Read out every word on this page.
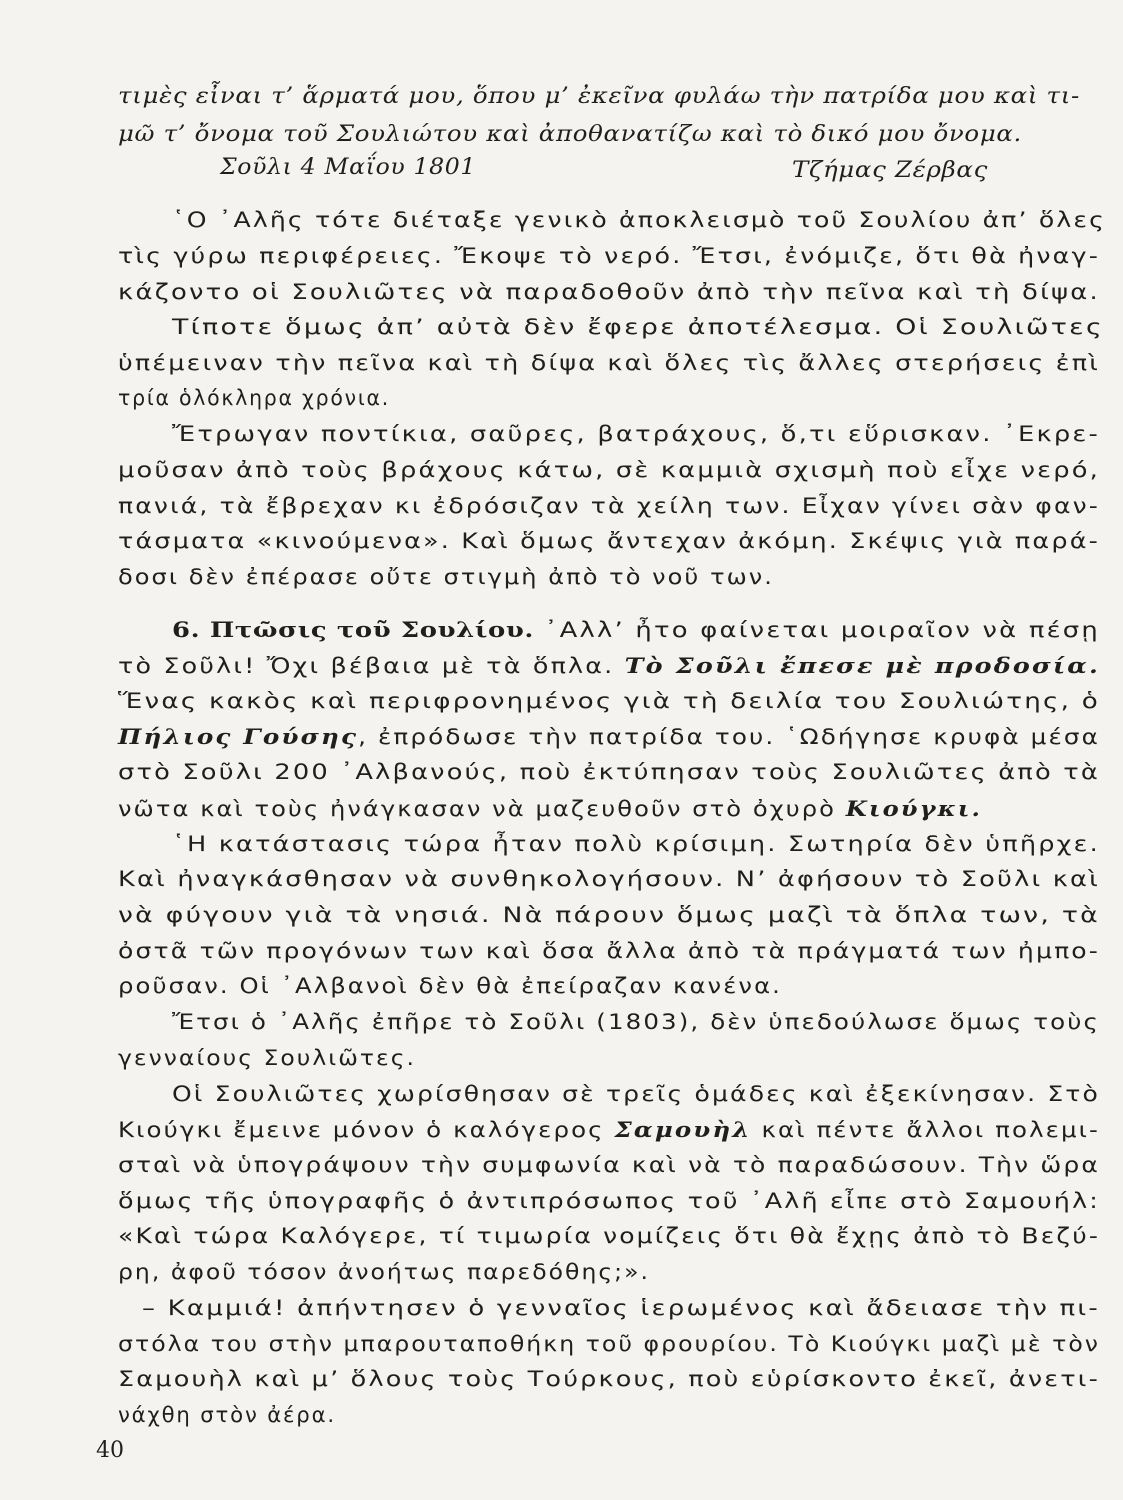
τιμὲς εἶναι τ’ ἅρματά μου, ὅπου μ’ ἐκεῖνα φυλάω τὴν πατρίδα μου καὶ τι-
μῶ τ’ ὄνομα τοῦ Σουλιώτου καὶ ἀποθανατίζω καὶ τὸ δικό μου ὄνομα.
Σοῦλι 4 Μαΐου 1801	Τζήμας Ζέρβας
῾Ο ᾽Αλῆς τότε διέταξε γενικὸ ἀποκλεισμὸ τοῦ Σουλίου ἀπ’ ὅλες
τὶς γύρω περιφέρειες. Ἔκοψε τὸ νερό. Ἔτσι, ἐνόμιζε, ὅτι θὰ ἠναγ-
κάζοντο οἱ Σουλιῶτες νὰ παραδοθοῦν ἀπὸ τὴν πεῖνα καὶ τὴ δίψα.
Τίποτε ὅμως ἀπ’ αὐτὰ δὲν ἔφερε ἀποτέλεσμα. Οἱ Σουλιῶτες
ὑπέμειναν τὴν πεῖνα καὶ τὴ δίψα καὶ ὅλες τὶς ἄλλες στερήσεις ἐπὶ
τρία ὁλόκληρα χρόνια.
Ἔτρωγαν ποντίκια, σαῦρες, βατράχους, ὅ,τι εὕρισκαν. ᾽Εκρε-
μοῦσαν ἀπὸ τοὺς βράχους κάτω, σὲ καμμιὰ σχισμὴ ποὺ εἶχε νερό,
πανιά, τὰ ἔβρεχαν κι ἐδρόσιζαν τὰ χείλη των. Εἶχαν γίνει σὰν φαν-
τάσματα «κινούμενα». Καὶ ὅμως ἄντεχαν ἀκόμη. Σκέψις γιὰ παρά-
δοσι δὲν ἐπέρασε οὔτε στιγμὴ ἀπὸ τὸ νοῦ των.
6. Πτῶσις τοῦ Σουλίου. ᾽Αλλ’ ἦτο φαίνεται μοιραῖον νὰ πέσῃ
τὸ Σοῦλι! Ὄχι βέβαια μὲ τὰ ὅπλα. Τὸ Σοῦλι ἔπεσε μὲ προδοσία.
Ἕνας κακὸς καὶ περιφρονημένος γιὰ τὴ δειλία του Σουλιώτης, ὁ
Πήλιος Γούσης, ἐπρόδωσε τὴν πατρίδα του. ῾Ωδήγησε κρυφὰ μέσα
στὸ Σοῦλι 200 ᾽Αλβανούς, ποὺ ἐκτύπησαν τοὺς Σουλιῶτες ἀπὸ τὰ
νῶτα καὶ τοὺς ἠνάγκασαν νὰ μαζευθοῦν στὸ ὀχυρὸ Κιούγκι.
῾Η κατάστασις τώρα ἦταν πολὺ κρίσιμη. Σωτηρία δὲν ὑπῆρχε.
Καὶ ἠναγκάσθησαν νὰ συνθηκολογήσουν. Ν’ ἀφήσουν τὸ Σοῦλι καὶ
νὰ φύγουν γιὰ τὰ νησιά. Νὰ πάρουν ὅμως μαζὶ τὰ ὅπλα των, τὰ
ὀστᾶ τῶν προγόνων των καὶ ὅσα ἄλλα ἀπὸ τὰ πράγματά των ἠμπο-
ροῦσαν. Οἱ ᾽Αλβανοὶ δὲν θὰ ἐπείραζαν κανένα.
Ἔτσι ὁ ᾽Αλῆς ἐπῆρε τὸ Σοῦλι (1803), δὲν ὑπεδούλωσε ὅμως τοὺς
γενναίους Σουλιῶτες.
Οἱ Σουλιῶτες χωρίσθησαν σὲ τρεῖς ὁμάδες καὶ ἐξεκίνησαν. Στὸ
Κιούγκι ἔμεινε μόνον ὁ καλόγερος Σαμουὴλ καὶ πέντε ἄλλοι πολεμι-
σταὶ νὰ ὑπογράψουν τὴν συμφωνία καὶ νὰ τὸ παραδώσουν. Τὴν ὥρα
ὅμως τῆς ὑπογραφῆς ὁ ἀντιπρόσωπος τοῦ ᾽Αλῆ εἶπε στὸ Σαμουήλ:
«Καὶ τώρα Καλόγερε, τί τιμωρία νομίζεις ὅτι θὰ ἔχῃς ἀπὸ τὸ Βεζύ-
ρη, ἀφοῦ τόσον ἀνοήτως παρεδόθης;».
– Καμμιά! ἀπήντησεν ὁ γενναῖος ἱερωμένος καὶ ἄδειασε τὴν πι-
στόλα του στὴν μπαρουταποθήκη τοῦ φρουρίου. Τὸ Κιούγκι μαζὶ μὲ τὸν
Σαμουὴλ καὶ μ’ ὅλους τοὺς Τούρκους, ποὺ εὑρίσκοντο ἐκεῖ, ἀνετι-
νάχθη στὸν ἀέρα.
40
